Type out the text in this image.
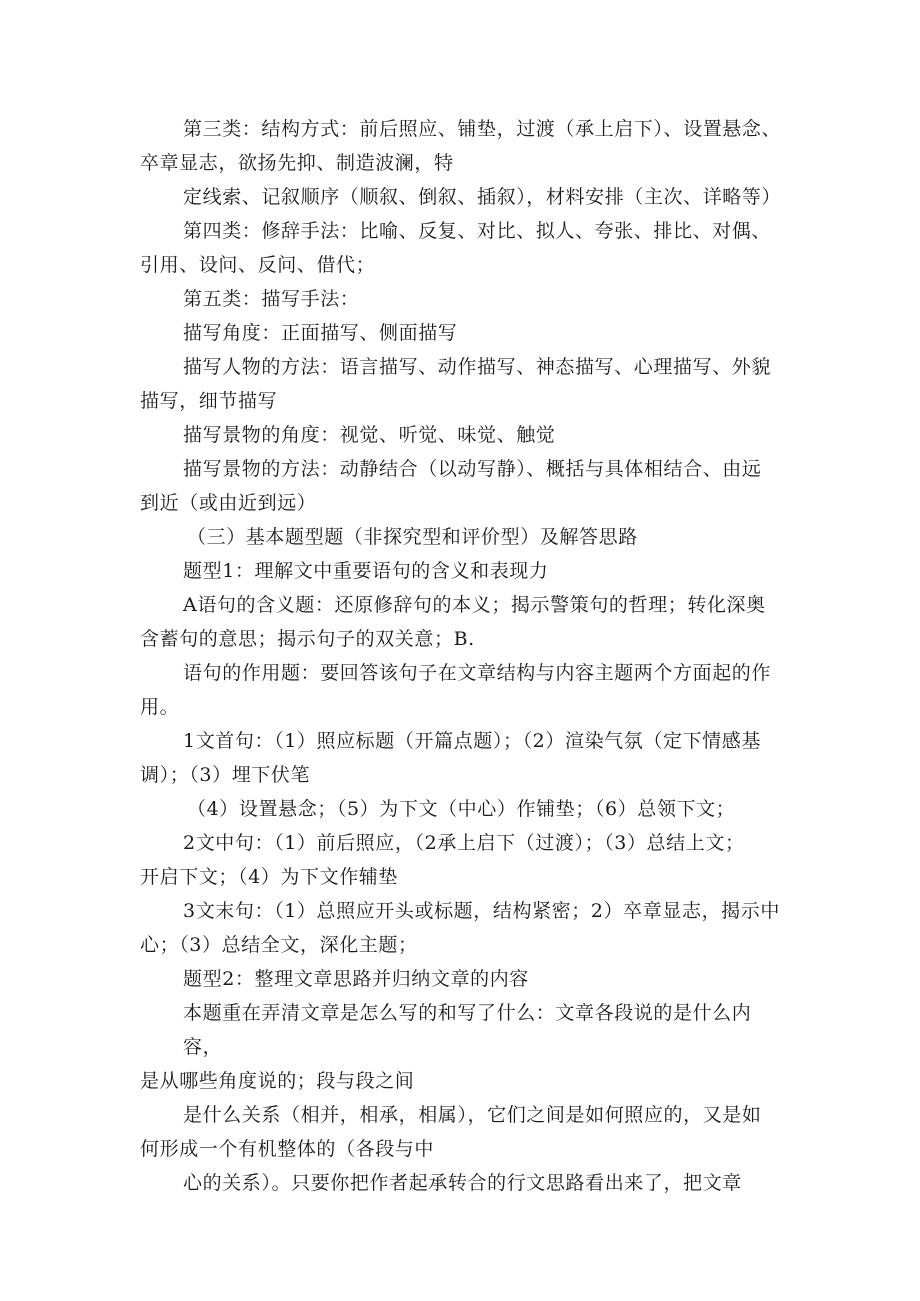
第三类：结构方式：前后照应、铺垫，过渡（承上启下）、设置悬念、

卒章显志，欲扬先抑、制造波澜，特

定线索、记叙顺序（顺叙、倒叙、插叙），材料安排（主次、详略等）

第四类：修辞手法：比喻、反复、对比、拟人、夸张、排比、对偶、

引用、设问、反问、借代；

第五类：描写手法：

描写角度：正面描写、侧面描写

描写人物的方法：语言描写、动作描写、神态描写、心理描写、外貌

描写，细节描写

描写景物的角度：视觉、听觉、味觉、触觉

描写景物的方法：动静结合（以动写静）、概括与具体相结合、由远

到近（或由近到远）

（三）基本题型题（非探究型和评价型）及解答思路

题型1：理解文中重要语句的含义和表现力

A语句的含义题：还原修辞句的本义；揭示警策句的哲理；转化深奥

含蓄句的意思；揭示句子的双关意；B.

语句的作用题：要回答该句子在文章结构与内容主题两个方面起的作

用。

1文首句：（1）照应标题（开篇点题）；（2）渲染气氛（定下情感基

调）；（3）埋下伏笔

（4）设置悬念；（5）为下文（中心）作铺垫；（6）总领下文；

2文中句：（1）前后照应，（2承上启下（过渡）；（3）总结上文；

开启下文；（4）为下文作辅垫

3文末句：（1）总照应开头或标题，结构紧密；2）卒章显志，揭示中

心；（3）总结全文，深化主题；

题型2：整理文章思路并归纳文章的内容

本题重在弄清文章是怎么写的和写了什么：文章各段说的是什么内容，

是从哪些角度说的；段与段之间

是什么关系（相并，相承，相属），它们之间是如何照应的，又是如

何形成一个有机整体的（各段与中

心的关系）。只要你把作者起承转合的行文思路看出来了，把文章
